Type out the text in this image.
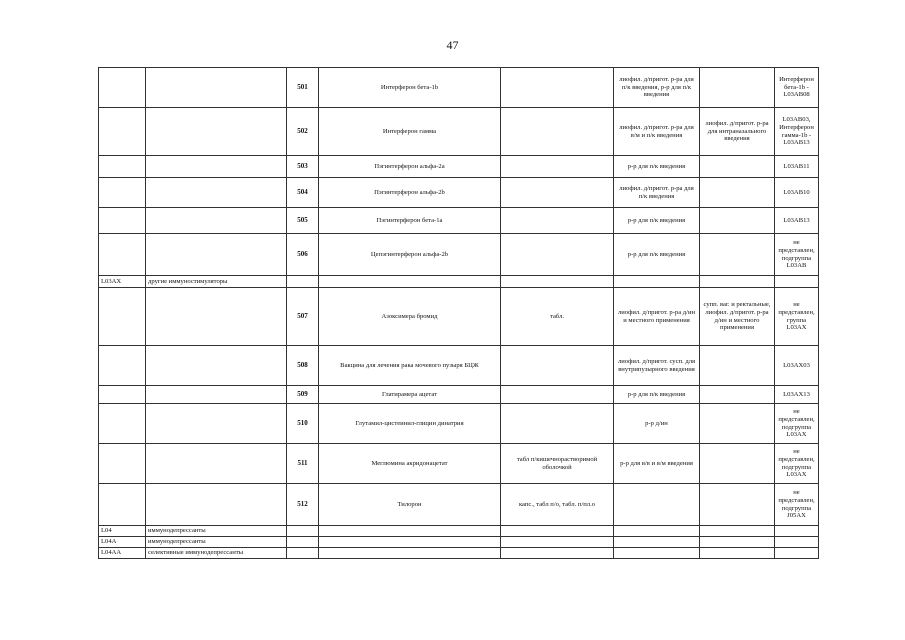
47
		501	Интерферон бета-1b		лиофил. д/пригот. р-ра для п/к введения, р-р для п/к введения		Интерферон бета-1b - L03AB08
		502	Интерферон гамма		лиофил. д/пригот. р-ра для в/м и п/к введения	лиофил. д/пригот. р-ра для интраназального введения	L03AB03, Интерферон гамма-1b - L03AB13
		503	Пэгинтерферон альфа-2a		р-р для п/к введения		L03AB11
		504	Пэгинтерферон альфа-2b		лиофил. д/пригот. р-ра для п/к введения		L03AB10
		505	Пэгинтерферон бета-1a		р-р для п/к введения		L03AB13
		506	Цепэгинтерферон альфа-2b		р-р для п/к введения		не представлен, подгруппа L03AB
L03AX	другие иммуностимуляторы						
		507	Азоксимера бромид	табл.	лиофил. д/пригот. р-ра д/ин и местного применения	супп. ваг. и ректальные, лиофил. д/пригот. р-ра д/ин и местного применения	не представлен, группа L03AX
		508	Вакцина для лечения рака мочевого пузыря БЦЖ		лиофил. д/пригот. сусп. для внутрипузырного введения		L03AX03
		509	Глатирамера ацетат		р-р для п/к введения		L03AX13
		510	Глутамил-цистеинил-глицин динатрия		р-р д/ин		не представлен, подгруппа L03AX
		511	Меглюмина акридонацетат	табл п/кишечнорастворимой оболочкой	р-р для в/в и в/м введения		не представлен, подгруппа L03AX
		512	Тилорон	капс., табл п/о, табл. п/пл.о			не представлен, подгруппа J05AX
L04	иммунодепрессанты						
L04A	иммунодепрессанты						
L04AA	селективные иммунодепрессанты						
